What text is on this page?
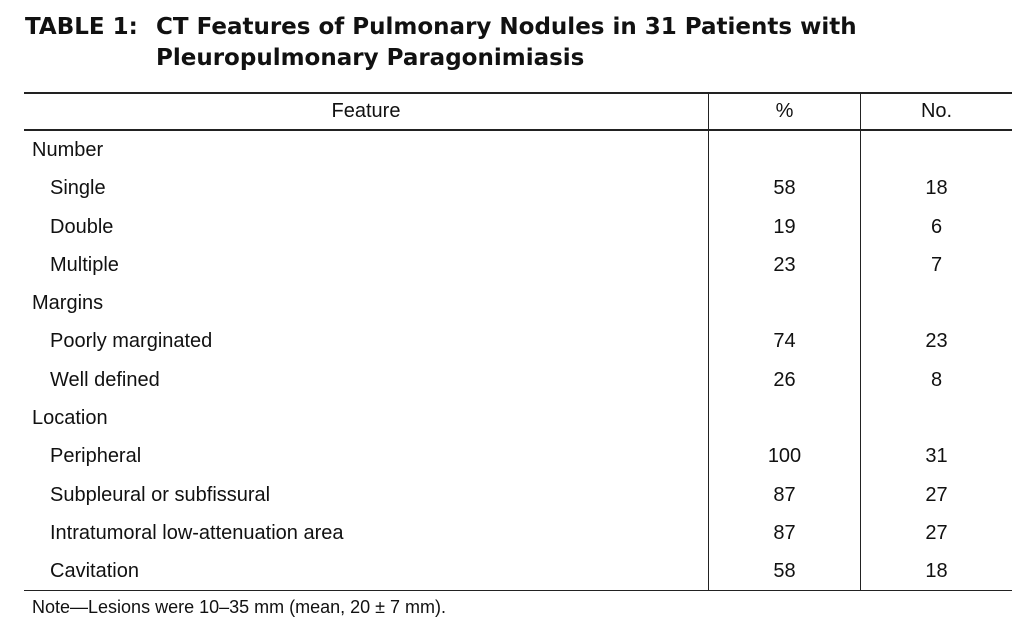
TABLE 1: CT Features of Pulmonary Nodules in 31 Patients with Pleuropulmonary Paragonimiasis
Feature	%	No.
Number
Single	58	18
Double	19	6
Multiple	23	7
Margins
Poorly marginated	74	23
Well defined	26	8
Location
Peripheral	100	31
Subpleural or subfissural	87	27
Intratumoral low-attenuation area	87	27
Cavitation	58	18
Note—Lesions were 10–35 mm (mean, 20 ± 7 mm).
